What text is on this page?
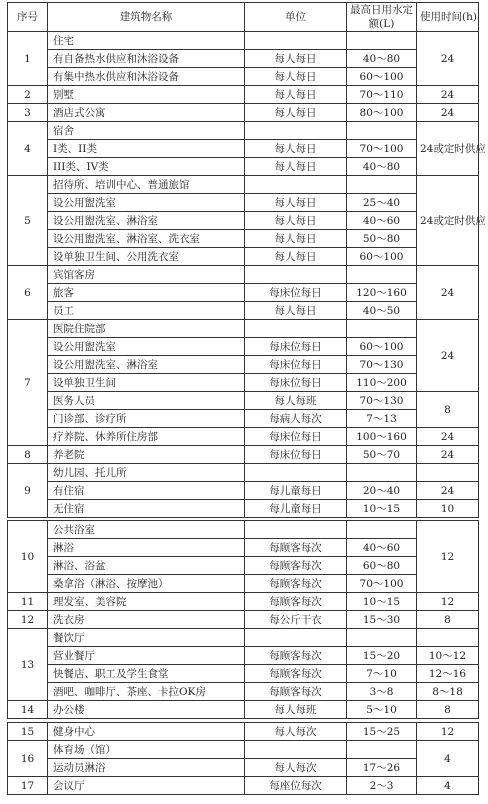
序号	建筑物名称	单位	最高日用水定额(L)	使用时间(h)
1	住宅			24
	有自备热水供应和沐浴设备	每人每日	40～80	
	有集中热水供应和沐浴设备	每人每日	60～100	
2	别墅	每人每日	70～110	24
3	酒店式公寓	每人每日	80～100	24
4	宿舍			24或定时供应
	I类、II类	每人每日	70～100	
	III类、IV类	每人每日	40～80	
5	招待所、培训中心、普通旅馆			24或定时供应
	设公用盥洗室	每人每日	25～40	
	设公用盥洗室、淋浴室	每人每日	40～60	
	设公用盥洗室、淋浴室、洗衣室	每人每日	50～80	
	设单独卫生间、公用洗衣室	每人每日	60～100	
6	宾馆客房			24
	旅客	每床位每日	120～160	
	员工	每人每日	40～50	
7	医院住院部			24
	设公用盥洗室	每床位每日	60～100	
	设公用盥洗室、淋浴室	每床位每日	70～130	
	设单独卫生间	每床位每日	110～200	
	医务人员	每人每班	70～130	8
	门诊部、诊疗所	每病人每次	7～13	
	疗养院、休养所住房部	每床位每日	100～160	24
8	养老院	每床位每日	50～70	24
9	幼儿园、托儿所			
	有住宿	每儿童每日	20～40	24
	无住宿	每儿童每日	10～15	10
10	公共浴室			12
	淋浴	每顾客每次	40～60	
	淋浴、浴盆	每顾客每次	60～80	
	桑拿浴（淋浴、按摩池）	每顾客每次	70～100	
11	理发室、美容院	每顾客每次	10～15	12
12	洗衣房	每公斤干衣	15～30	8
13	餐饮厅			
	营业餐厅	每顾客每次	15～20	10～12
	快餐店、职工及学生食堂	每顾客每次	7～10	12～16
	酒吧、咖啡厅、茶座、卡拉OK房	每顾客每次	3～8	8～18
14	办公楼	每人每班	5～10	8
15	健身中心	每人每次	15～25	12
16	体育场（馆）			4
	运动员淋浴	每人每次	17～26	
17	会议厅	每座位每次	2～3	4
